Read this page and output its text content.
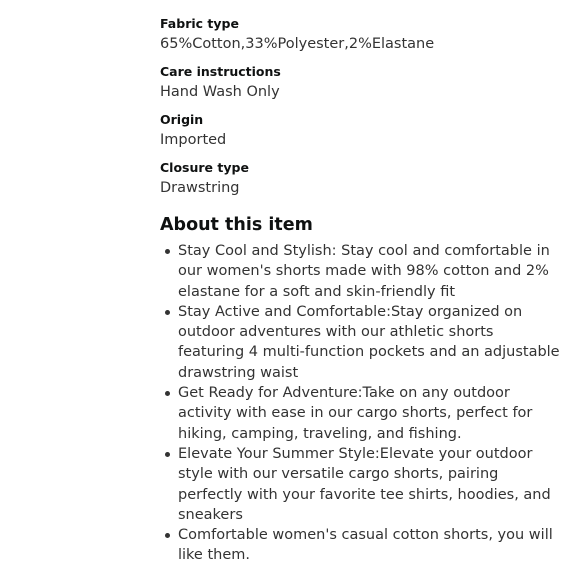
Fabric type
65%Cotton,33%Polyester,2%Elastane
Care instructions
Hand Wash Only
Origin
Imported
Closure type
Drawstring
About this item
Stay Cool and Stylish: Stay cool and comfortable in our women's shorts made with 98% cotton and 2% elastane for a soft and skin-friendly fit
Stay Active and Comfortable:Stay organized on outdoor adventures with our athletic shorts featuring 4 multi-function pockets and an adjustable drawstring waist
Get Ready for Adventure:Take on any outdoor activity with ease in our cargo shorts, perfect for hiking, camping, traveling, and fishing.
Elevate Your Summer Style:Elevate your outdoor style with our versatile cargo shorts, pairing perfectly with your favorite tee shirts, hoodies, and sneakers
Comfortable women's casual cotton shorts, you will like them.
